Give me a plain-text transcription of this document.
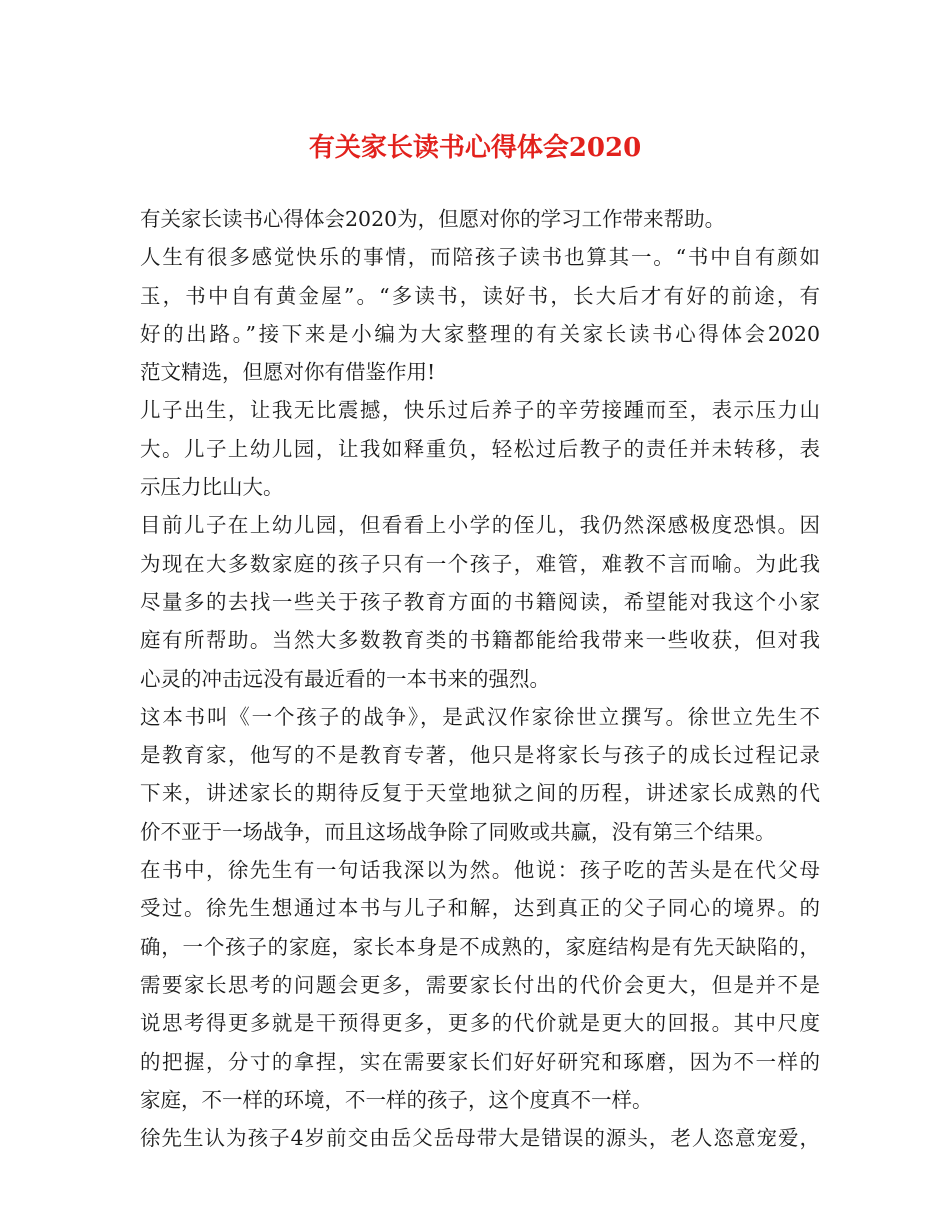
有关家长读书心得体会2020
有关家长读书心得体会2020为，但愿对你的学习工作带来帮助。
人生有很多感觉快乐的事情，而陪孩子读书也算其一。“书中自有颜如
玉，书中自有黄金屋”。“多读书，读好书，长大后才有好的前途，有
好的出路。”接下来是小编为大家整理的有关家长读书心得体会2020
范文精选，但愿对你有借鉴作用!
儿子出生，让我无比震撼，快乐过后养子的辛劳接踵而至，表示压力山
大。儿子上幼儿园，让我如释重负，轻松过后教子的责任并未转移，表
示压力比山大。
目前儿子在上幼儿园，但看看上小学的侄儿，我仍然深感极度恐惧。因
为现在大多数家庭的孩子只有一个孩子，难管，难教不言而喻。为此我
尽量多的去找一些关于孩子教育方面的书籍阅读，希望能对我这个小家
庭有所帮助。当然大多数教育类的书籍都能给我带来一些收获，但对我
心灵的冲击远没有最近看的一本书来的强烈。
这本书叫《一个孩子的战争》，是武汉作家徐世立撰写。徐世立先生不
是教育家，他写的不是教育专著，他只是将家长与孩子的成长过程记录
下来，讲述家长的期待反复于天堂地狱之间的历程，讲述家长成熟的代
价不亚于一场战争，而且这场战争除了同败或共赢，没有第三个结果。
在书中，徐先生有一句话我深以为然。他说：孩子吃的苦头是在代父母
受过。徐先生想通过本书与儿子和解，达到真正的父子同心的境界。的
确，一个孩子的家庭，家长本身是不成熟的，家庭结构是有先天缺陷的，
需要家长思考的问题会更多，需要家长付出的代价会更大，但是并不是
说思考得更多就是干预得更多，更多的代价就是更大的回报。其中尺度
的把握，分寸的拿捏，实在需要家长们好好研究和琢磨，因为不一样的
家庭，不一样的环境，不一样的孩子，这个度真不一样。
徐先生认为孩子4岁前交由岳父岳母带大是错误的源头，老人恣意宠爱，
